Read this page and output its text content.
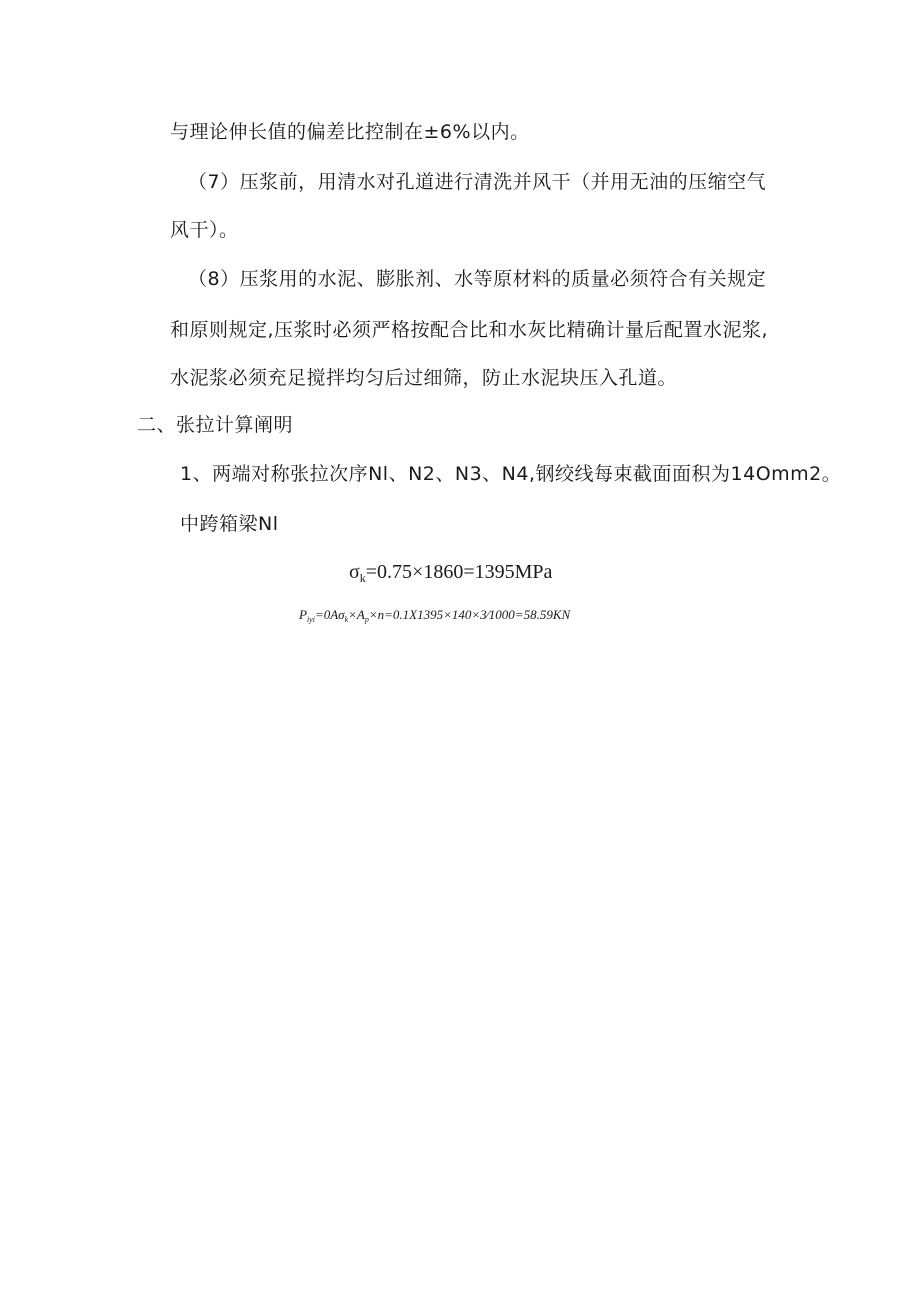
与理论伸长值的偏差比控制在±6%以内。
（7）压浆前，用清水对孔道进行清洗并风干（并用无油的压缩空气
风干）。
（8）压浆用的水泥、膨胀剂、水等原材料的质量必须符合有关规定
和原则规定,压浆时必须严格按配合比和水灰比精确计量后配置水泥浆,
水泥浆必须充足搅拌均匀后过细筛，防止水泥块压入孔道。
二、张拉计算阐明
1、两端对称张拉次序Nl、N2、N3、N4,钢绞线每束截面面积为14Omm2。
中跨箱梁Nl
$\sigma_k=0.75\times 1860=1395MPa$
$P_{iyi}=0A\sigma_k\times A_p\times n=0.1X1395\times 140\times 3⁄1000=58.59KN$
